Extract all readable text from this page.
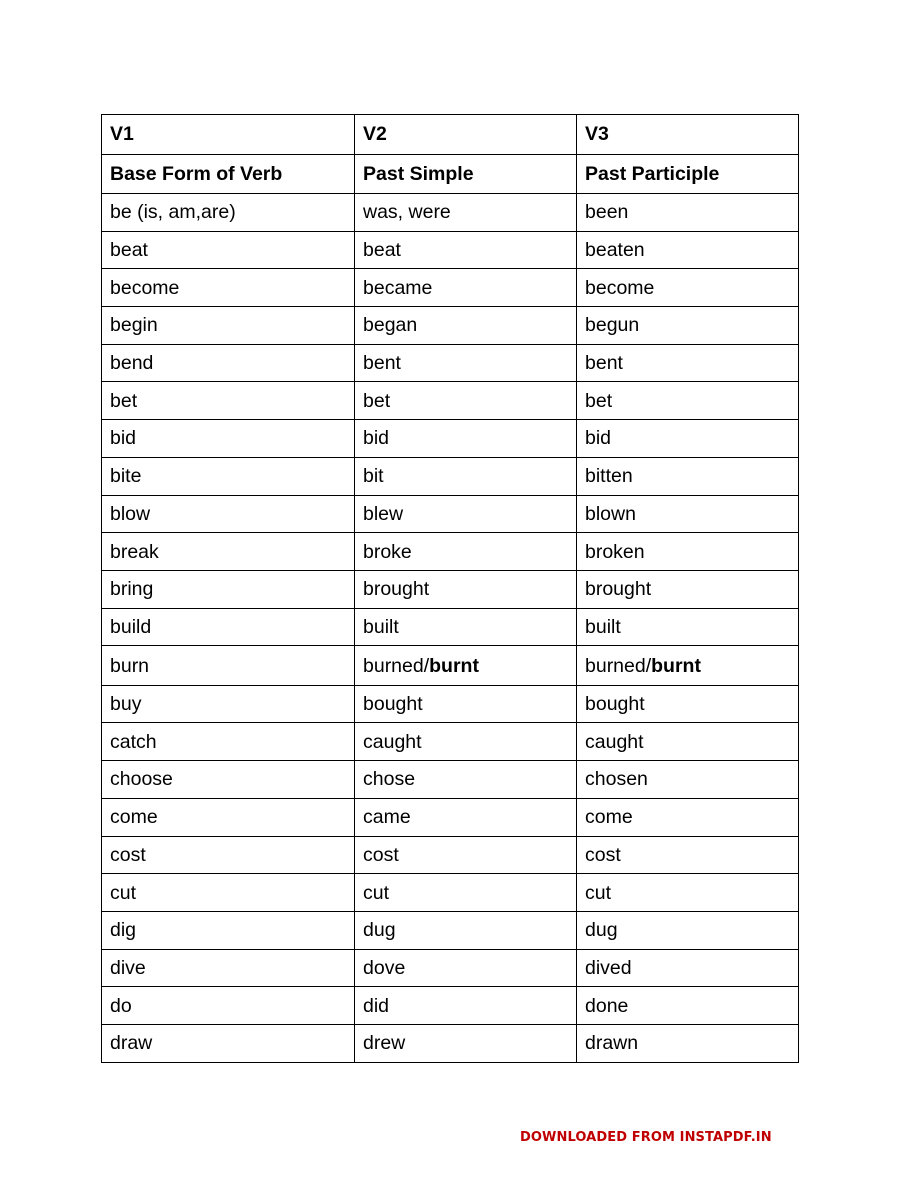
V1	V2	V3
Base Form of Verb	Past Simple	Past Participle
be (is, am,are)	was, were	been
beat	beat	beaten
become	became	become
begin	began	begun
bend	bent	bent
bet	bet	bet
bid	bid	bid
bite	bit	bitten
blow	blew	blown
break	broke	broken
bring	brought	brought
build	built	built
burn	burned/burnt	burned/burnt
buy	bought	bought
catch	caught	caught
choose	chose	chosen
come	came	come
cost	cost	cost
cut	cut	cut
dig	dug	dug
dive	dove	dived
do	did	done
draw	drew	drawn
DOWNLOADED FROM INSTAPDF.IN
